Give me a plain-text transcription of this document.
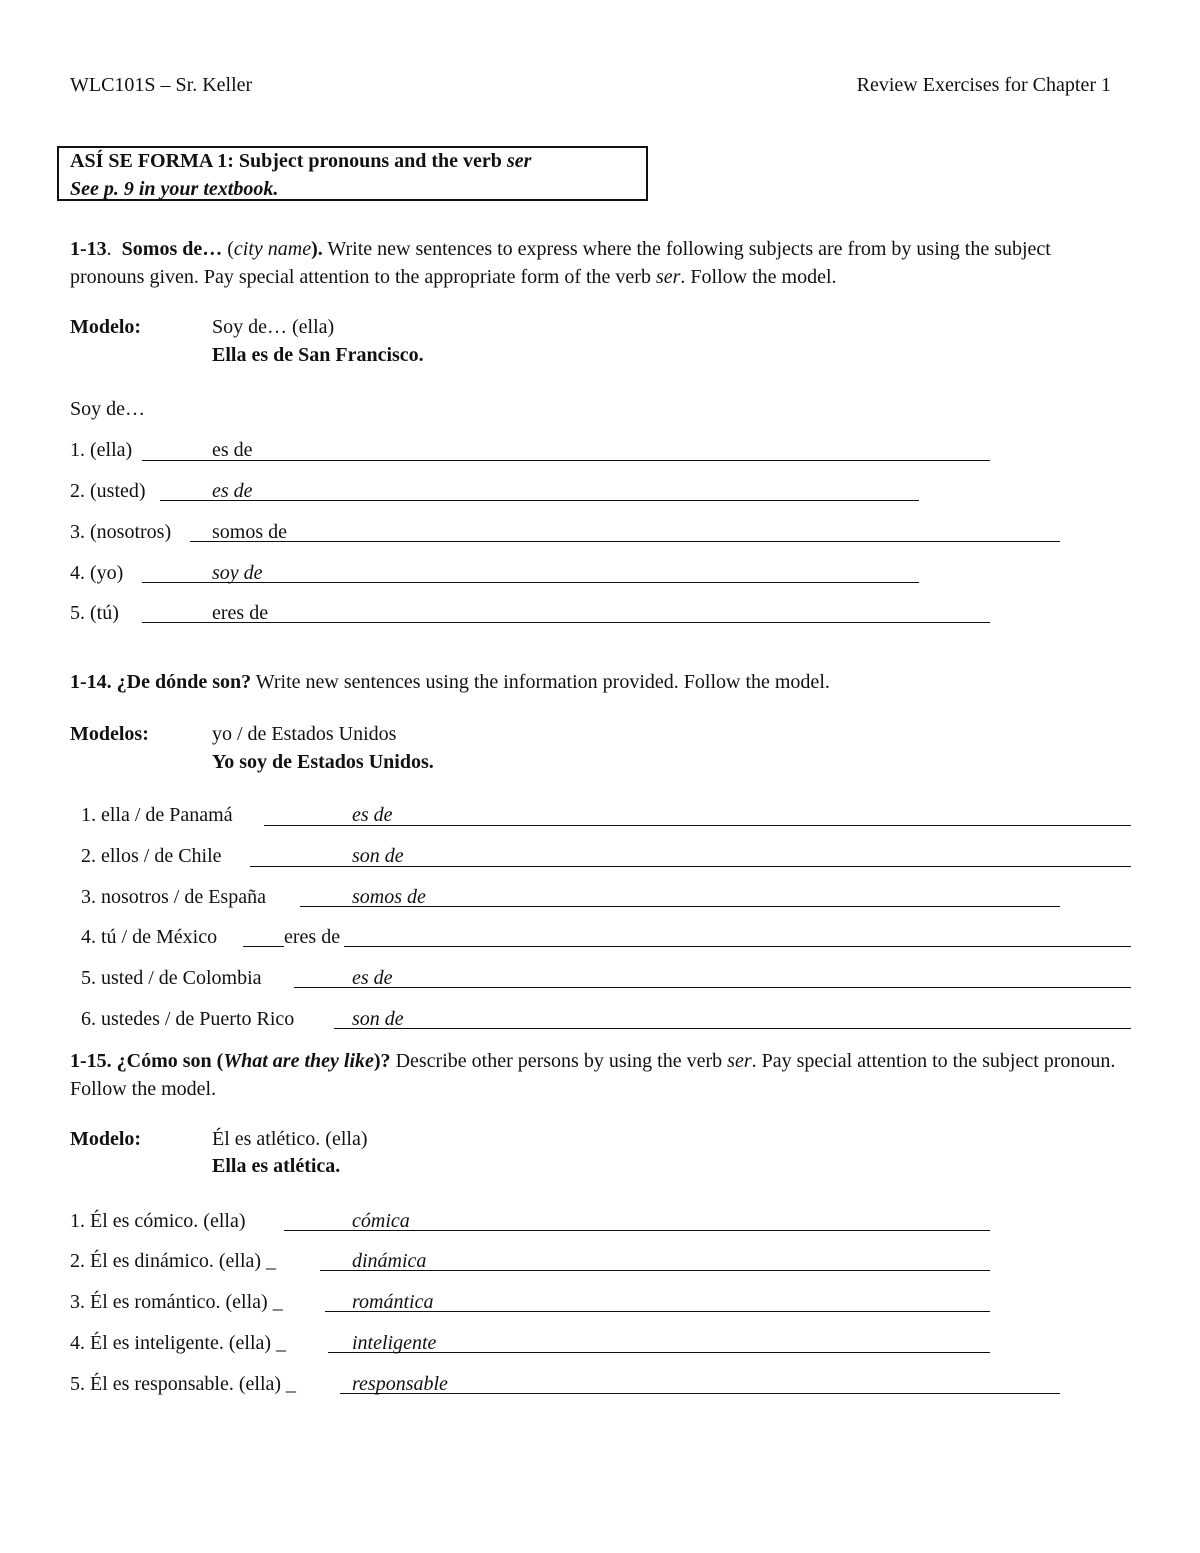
WLC101S – Sr. Keller	Review Exercises for Chapter 1
ASÍ SE FORMA 1: Subject pronouns and the verb ser
See p. 9 in your textbook.
1-13.  Somos de… (city name). Write new sentences to express where the following subjects are from by using the subject pronouns given. Pay special attention to the appropriate form of the verb ser. Follow the model.
Modelo:	Soy de… (ella)
Ella es de San Francisco.
Soy de…
1. (ella)	es de
2. (usted)	es de
3. (nosotros) somos de
4. (yo)	soy de
5. (tú)	eres de
1-14. ¿De dónde son? Write new sentences using the information provided. Follow the model.
Modelos:	yo / de Estados Unidos
Yo soy de Estados Unidos.
1. ella / de Panamá	es de
2. ellos / de Chile	son de
3. nosotros / de España	somos de
4. tú / de México	eres de
5. usted / de Colombia	es de
6. ustedes / de Puerto Rico	son de
1-15. ¿Cómo son (What are they like)? Describe other persons by using the verb ser. Pay special attention to the subject pronoun. Follow the model.
Modelo:	Él es atlético. (ella)
Ella es atlética.
1. Él es cómico. (ella)	cómica
2. Él es dinámico. (ella) _	dinámica
3. Él es romántico. (ella) _	romántica
4. Él es inteligente. (ella) _	inteligente
5. Él es responsable. (ella) _	responsable
